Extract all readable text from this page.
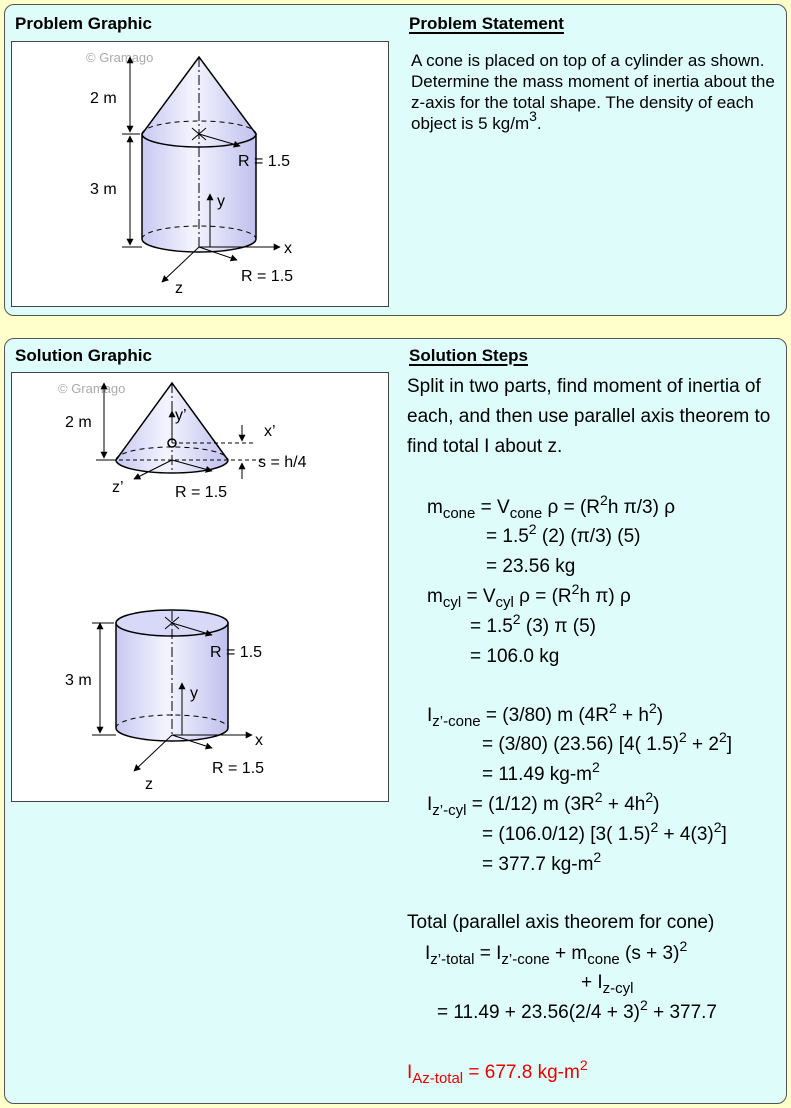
Problem Graphic	Problem Statement
© Gramago
2 m
3 m
R = 1.5
R = 1.5
x
y
z
A cone is placed on top of a cylinder as shown. Determine the mass moment of inertia about the z-axis for the total shape. The density of each object is 5 $kg/m^3$.
Solution Graphic	Solution Steps
© Gramago
2 m	y’
x’
z’
s = h/4
R = 1.5
3 m
R = 1.5
R = 1.5
x
y
z
Split in two parts, find moment of inertia of each, and then use parallel axis theorem to find total I about z.
$m_{cone} = V_{cone}$ $\rho = (R^2h$ π/3) ρ
= $1.5^2$ (2) (π/3) (5)
= 23.56 kg
$m_{cyl} = V_{cyl}$ $\rho = (R^2h$ π) ρ
= $1.5^2$ (3) π (5)
= 106.0 kg
$I_{z’-cone} = (3/80)$ m $(4R^2 + h^2)$
= (3/80) (23.56) [4( $1.5)^2 + 2^2$]
= 11.49 $kg-m^2$
$I_{z’-cyl} = (1/12)$ m $(3R^2 + 4h^2)$
= (106.0/12) [3( $1.5)^2 + 4(3)^2$]
= 377.7 $kg-m^2$
Total (parallel axis theorem for cone)
$I_{z’-total} = I_{z’-cone} + m_{cone}$ $(s + 3)^2$
+ $I_{z-cyl}$
= $11.49 + 23.56(2/4 + 3)^2 + 377.7$
$I_{Az-total} = 677.8$ $kg-m^2$
